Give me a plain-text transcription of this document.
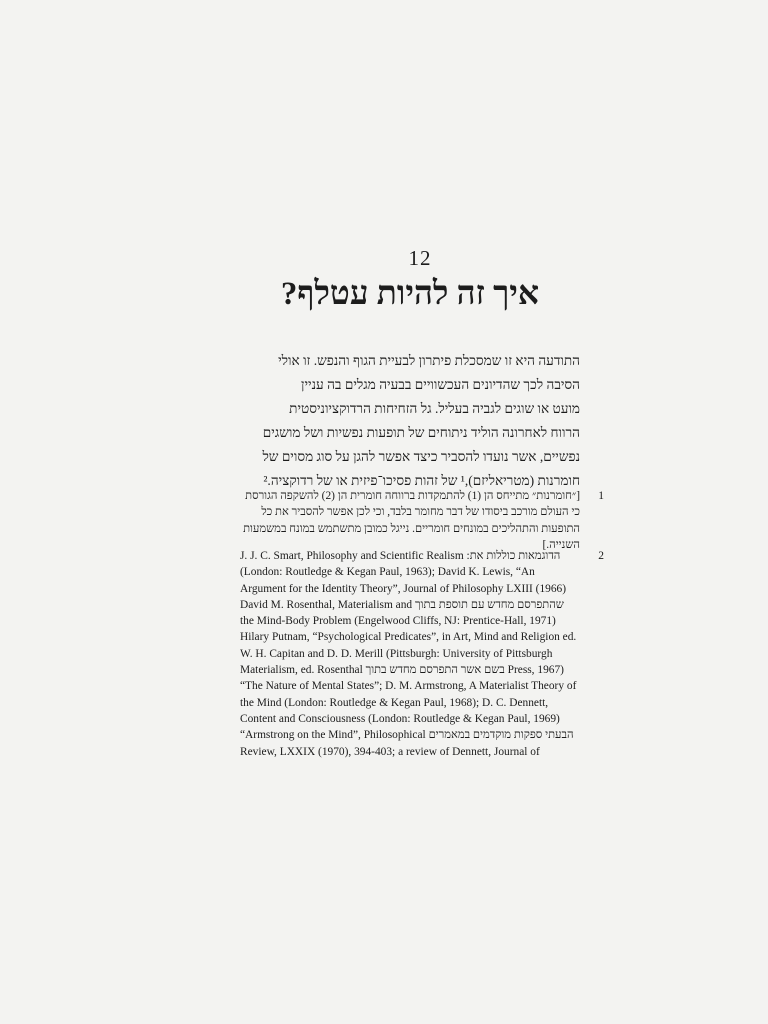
12
איך זה להיות עטלף?
התודעה היא זו שמסכלת פיתרון לבעיית הגוף והנפש. זו אולי
הסיבה לכך שהדיונים העכשוויים בבעיה מגלים בה עניין
מועט או שוגים לגביה בעליל. גל הזחיחות הרדוקציוניסטית
הרווח לאחרונה הוליד ניתוחים של תופעות נפשיות ושל מושגים
נפשיים, אשר נועדו להסביר כיצד אפשר להגן על סוג מסוים של
חומרנות (מטריאליזם),¹ של זהות פסיכו־פיזית או של רדוקציה.²
1
[״חומרנות״ מתייחס הן (1) להתמקדות ברווחה חומרית הן (2) להשקפה הגורסת
כי העולם מורכב ביסודו של דבר מחומר בלבד, וכי לכן אפשר להסביר את כל
התופעות והתהליכים במונחים חומריים. נייגל כמובן מתשתמש במונח במשמעות
השנייה.]
2
J. J. C. Smart, Philosophy and Scientific Realism :הדוגמאות כוללות את
(London: Routledge & Kegan Paul, 1963); David K. Lewis, “An
Argument for the Identity Theory”, Journal of Philosophy LXIII (1966)
David M. Rosenthal, Materialism and שהתפרסם מחדש עם תוספת בתוך
the Mind-Body Problem (Engelwood Cliffs, NJ: Prentice-Hall, 1971)
Hilary Putnam, “Psychological Predicates”, in Art, Mind and Religion ed.
W. H. Capitan and D. D. Merill (Pittsburgh: University of Pittsburgh
Materialism, ed. Rosenthal בשם אשר התפרסם מחדש בתוך Press, 1967)
“The Nature of Mental States”; D. M. Armstrong, A Materialist Theory of
the Mind (London: Routledge & Kegan Paul, 1968); D. C. Dennett,
Content and Consciousness (London: Routledge & Kegan Paul, 1969)
“Armstrong on the Mind”, Philosophical הבעתי ספקות מוקדמים במאמרים
Review, LXXIX (1970), 394-403; a review of Dennett, Journal of
